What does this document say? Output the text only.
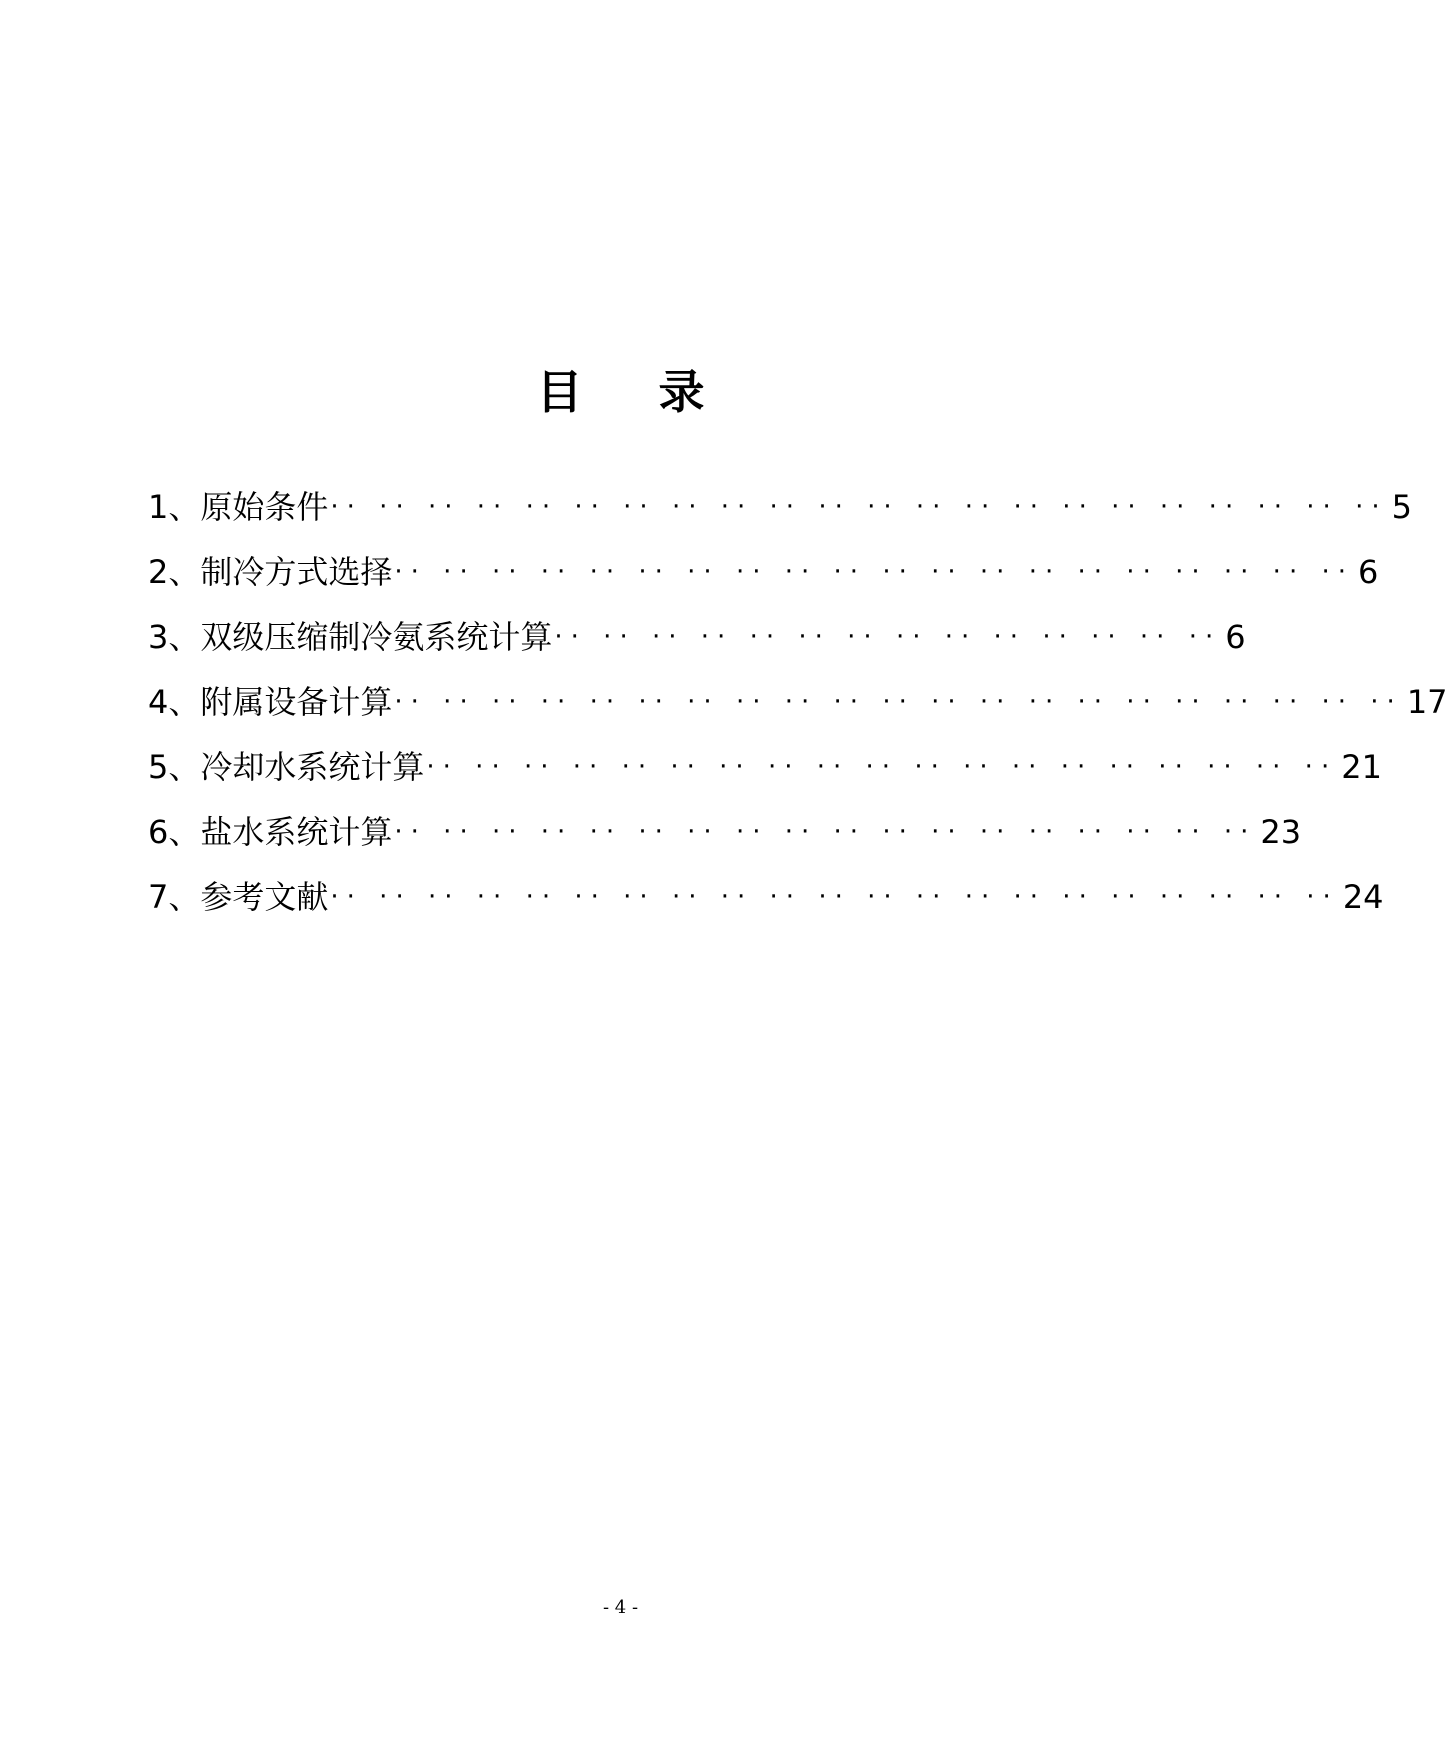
目 录
1、 原始条件 ·· ·· ·· ·· ·· ·· ·· ·· ·· ·· ·· ·· ·· ·· ·· ·· ·· ·· ·· ·· ·· ·· 5
2、 制冷方式选择 ·· ·· ·· ·· ·· ·· ·· ·· ·· ·· ·· ·· ·· ·· ·· ·· ·· ·· ·· ·· 6
3、 双级压缩制冷氨系统计算 ·· ·· ·· ·· ·· ·· ·· ·· ·· ·· ·· ·· ·· ·· 6
4、 附属设备计算 ·· ·· ·· ·· ·· ·· ·· ·· ·· ·· ·· ·· ·· ·· ·· ·· ·· ·· ·· ·· ·· 17
5、 冷却水系统计算 ·· ·· ·· ·· ·· ·· ·· ·· ·· ·· ·· ·· ·· ·· ·· ·· ·· ·· ·· 21
6、 盐水系统计算 ·· ·· ·· ·· ·· ·· ·· ·· ·· ·· ·· ·· ·· ·· ·· ·· ·· ·· 23
7、 参考文献 ·· ·· ·· ·· ·· ·· ·· ·· ·· ·· ·· ·· ·· ·· ·· ·· ·· ·· ·· ·· ·· 24
- 4 -
